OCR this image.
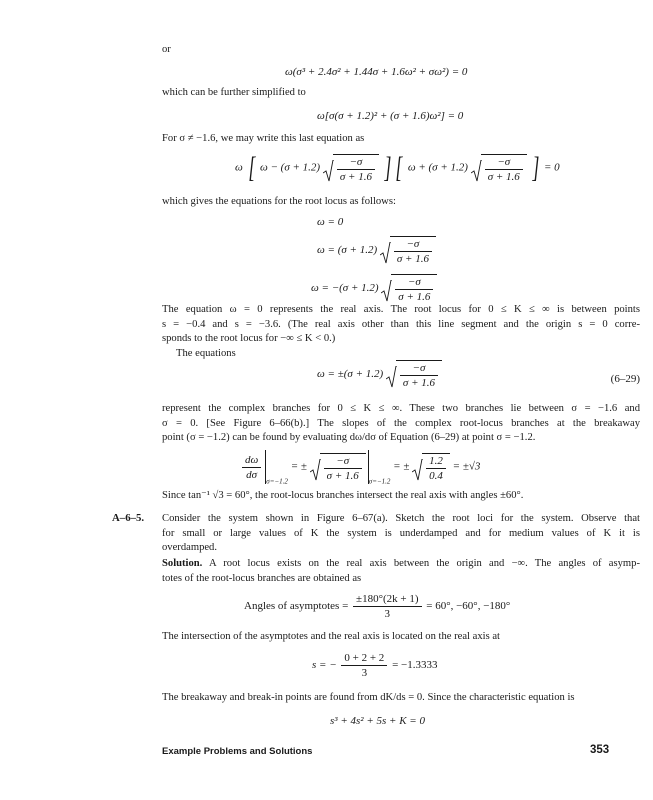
or
ω(σ³ + 2.4σ² + 1.44σ + 1.6ω² + σω²) = 0
which can be further simplified to
ω[σ(σ + 1.2)² + (σ + 1.6)ω²] = 0
For σ ≠ −1.6, we may write this last equation as
ω [ $\omega - (\sigma + 1.2) \frac{-\sigma}{\sigma + 1.6}$ ] [ $\omega + (\sigma + 1.2) \frac{-\sigma}{\sigma + 1.6}$ ] = 0
which gives the equations for the root locus as follows:
ω = 0
$\omega = (\sigma + 1.2) \frac{-\sigma}{\sigma + 1.6}$
$\omega = -(\sigma + 1.2) \frac{-\sigma}{\sigma + 1.6}$
The equation ω = 0 represents the real axis. The root locus for 0 ≤ K ≤ ∞ is between points
s = −0.4 and s = −3.6. (The real axis other than this line segment and the origin s = 0 corre-
sponds to the root locus for −∞ ≤ K < 0.)
The equations
$\omega = \pm(\sigma + 1.2) \frac{-\sigma}{\sigma + 1.6}$	(6–29)
represent the complex branches for 0 ≤ K ≤ ∞. These two branches lie between σ = −1.6 and
σ = 0. [See Figure 6–66(b).] The slopes of the complex root-locus branches at the breakaway
point (σ = −1.2) can be found by evaluating dω/dσ of Equation (6–29) at point σ = −1.2.
$\frac{d\omega}{d\sigma}$
$_{\sigma=-1.2}$ = ± $\frac{-\sigma}{\sigma + 1.6}$
$_{\sigma=-1.2}$ = ± $\frac{1.2}{0.4} = \pm√3$
Since tan⁻¹ √3 = 60°, the root-locus branches intersect the real axis with angles ±60°.
A–6–5. Consider the system shown in Figure 6–67(a). Sketch the root loci for the system. Observe that
for small or large values of K the system is underdamped and for medium values of K it is
overdamped.
Solution. A root locus exists on the real axis between the origin and −∞. The angles of asymp-
totes of the root-locus branches are obtained as
Angles of asymptotes = $\frac{\pm 180^\circ(2k + 1)}{3} = 60^\circ$, −60°, −180°
The intersection of the asymptotes and the real axis is located on the real axis at
s = − $\frac{0 + 2 + 2}{3} = -1.3333$
The breakaway and break-in points are found from dK/ds = 0. Since the characteristic equation is
s³ + 4s² + 5s + K = 0
Example Problems and Solutions	353
